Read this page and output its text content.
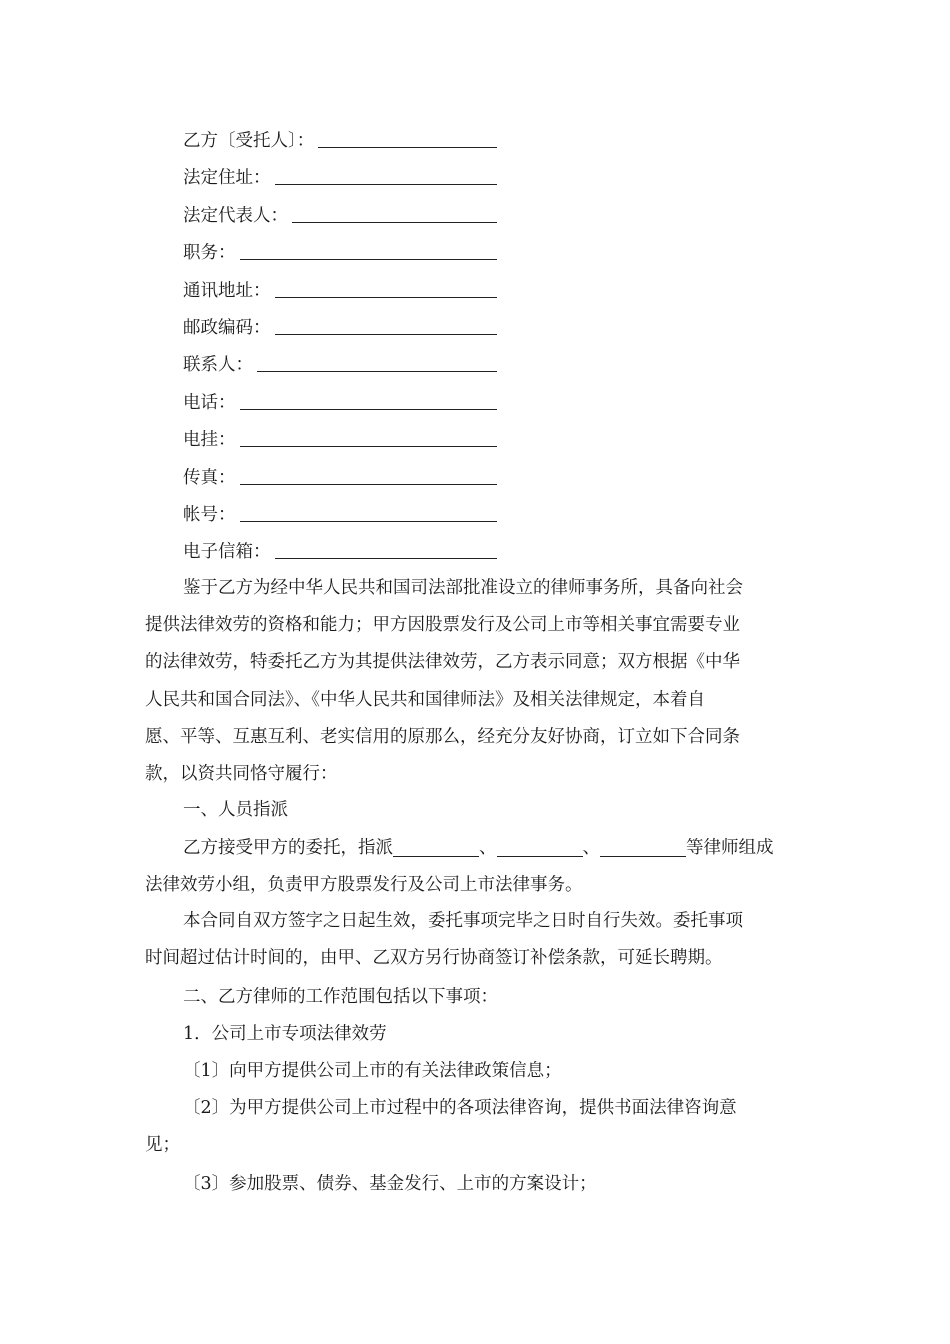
乙方〔受托人〕：
法定住址：
法定代表人：
职务：
通讯地址：
邮政编码：
联系人：
电话：
电挂：
传真：
帐号：
电子信箱：
鉴于乙方为经中华人民共和国司法部批准设立的律师事务所，具备向社会
提供法律效劳的资格和能力；甲方因股票发行及公司上市等相关事宜需要专业
的法律效劳，特委托乙方为其提供法律效劳，乙方表示同意；双方根据《中华
人民共和国合同法》、《中华人民共和国律师法》及相关法律规定，本着自
愿、平等、互惠互利、老实信用的原那么，经充分友好协商，订立如下合同条
款，以资共同恪守履行：
一、人员指派
乙方接受甲方的委托，指派	、	、	等律师组成
法律效劳小组，负责甲方股票发行及公司上市法律事务。
本合同自双方签字之日起生效，委托事项完毕之日时自行失效。委托事项
时间超过估计时间的，由甲、乙双方另行协商签订补偿条款，可延长聘期。
二、乙方律师的工作范围包括以下事项：
1．公司上市专项法律效劳
〔1〕向甲方提供公司上市的有关法律政策信息；
〔2〕为甲方提供公司上市过程中的各项法律咨询，提供书面法律咨询意
见；
〔3〕参加股票、债券、基金发行、上市的方案设计；
